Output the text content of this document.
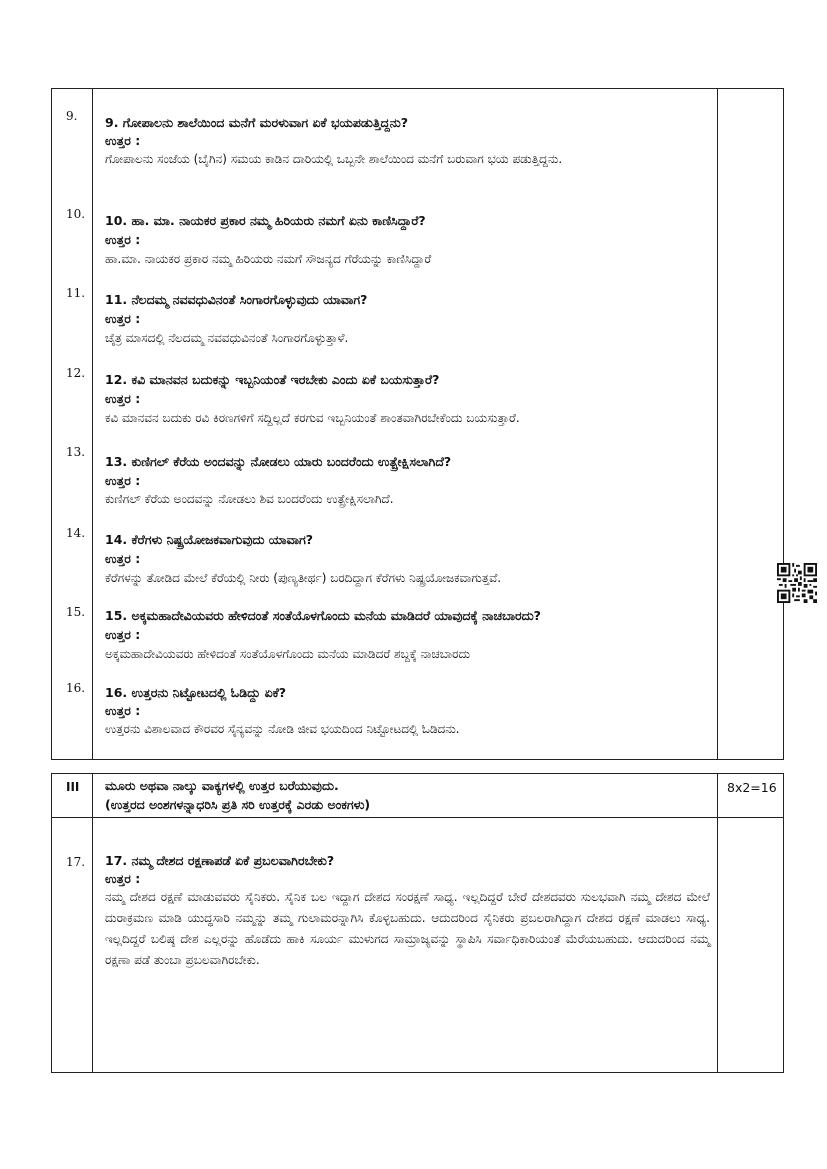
9. 9. ಗೋಪಾಲನು ಶಾಲೆಯಿಂದ ಮನೆಗೆ ಮರಳುವಾಗ ಏಕೆ ಭಯಪಡುತ್ತಿದ್ದನು?
ಉತ್ತರ :
ಗೋಪಾಲನು ಸಂಜೆಯ (ಬೈಗಿನ) ಸಮಯ ಕಾಡಿನ ದಾರಿಯಲ್ಲಿ ಒಬ್ಬನೇ ಶಾಲೆಯಿಂದ ಮನೆಗೆ ಬರುವಾಗ ಭಯ ಪಡುತ್ತಿದ್ದನು.
10. 10. ಹಾ. ಮಾ. ನಾಯಕರ ಪ್ರಕಾರ ನಮ್ಮ ಹಿರಿಯರು ನಮಗೆ ಏನು ಕಾಣಿಸಿದ್ದಾರೆ?
ಉತ್ತರ :
ಹಾ.ಮಾ. ನಾಯಕರ ಪ್ರಕಾರ ನಮ್ಮ ಹಿರಿಯರು ನಮಗೆ ಸೌಜನ್ಯದ ಗೆರೆಯನ್ನು ಕಾಣಿಸಿದ್ದಾರೆ
11. 11. ನೆಲದಮ್ಮ ನವವಧುವಿನಂತೆ ಸಿಂಗಾರಗೊಳ್ಳುವುದು ಯಾವಾಗ?
ಉತ್ತರ :
ಚೈತ್ರ ಮಾಸದಲ್ಲಿ ನೆಲದಮ್ಮ ನವವಧುವಿನಂತೆ ಸಿಂಗಾರಗೊಳ್ಳುತ್ತಾಳೆ.
12. 12. ಕವಿ ಮಾನವನ ಬದುಕನ್ನು ಇಬ್ಬನಿಯಂತೆ ಇರಬೇಕು ಎಂದು ಏಕೆ ಬಯಸುತ್ತಾರೆ?
ಉತ್ತರ :
ಕವಿ ಮಾನವನ ಬದುಕು ರವಿ ಕಿರಣಗಳಿಗೆ ಸದ್ದಿಲ್ಲದೆ ಕರಗುವ ಇಬ್ಬನಿಯಂತೆ ಶಾಂತವಾಗಿರಬೇಕೆಂದು ಬಯಸುತ್ತಾರೆ.
13.
13. ಕುಣಿಗಲ್ ಕೆರೆಯ ಅಂದವನ್ನು ನೋಡಲು ಯಾರು ಬಂದರೆಂದು ಉತ್ಪ್ರೇಕ್ಷಿಸಲಾಗಿದೆ?
ಉತ್ತರ :
ಕುಣಿಗಲ್ ಕೆರೆಯ ಅಂದವನ್ನು ನೋಡಲು ಶಿವ ಬಂದರೆಂದು ಉತ್ಪ್ರೇಕ್ಷಿಸಲಾಗಿದೆ.
14. 14. ಕೆರೆಗಳು ನಿಷ್ಪ್ರಯೋಜಕವಾಗುವುದು ಯಾವಾಗ?
ಉತ್ತರ :
ಕೆರೆಗಳನ್ನು ತೋಡಿದ ಮೇಲೆ ಕೆರೆಯಲ್ಲಿ ನೀರು (ಪುಣ್ಯತೀರ್ಥ) ಬರದಿದ್ದಾಗ ಕೆರೆಗಳು ನಿಷ್ಪ್ರಯೋಜಕವಾಗುತ್ತವೆ.
15. 15. ಅಕ್ಕಮಹಾದೇವಿಯವರು ಹೇಳಿದಂತೆ ಸಂತೆಯೊಳಗೊಂದು ಮನೆಯ ಮಾಡಿದರೆ ಯಾವುದಕ್ಕೆ ನಾಚಬಾರದು?
ಉತ್ತರ :
ಅಕ್ಕಮಹಾದೇವಿಯವರು ಹೇಳಿದಂತೆ ಸಂತೆಯೊಳಗೊಂದು ಮನೆಯ ಮಾಡಿದರೆ ಶಬ್ದಕ್ಕೆ ನಾಚಬಾರದು
16. 16. ಉತ್ತರನು ನಿಟ್ಟೋಟದಲ್ಲಿ ಓಡಿದ್ದು ಏಕೆ?
ಉತ್ತರ :
ಉತ್ತರನು ವಿಶಾಲವಾದ ಕೌರವರ ಸೈನ್ಯವನ್ನು ನೋಡಿ ಜೀವ ಭಯದಿಂದ ನಿಟ್ಟೋಟದಲ್ಲಿ ಓಡಿದನು.
III ಮೂರು ಅಥವಾ ನಾಲ್ಕು ವಾಕ್ಯಗಳಲ್ಲಿ ಉತ್ತರ ಬರೆಯುವುದು.
(ಉತ್ತರದ ಅಂಶಗಳನ್ನಾಧರಿಸಿ ಪ್ರತಿ ಸರಿ ಉತ್ತರಕ್ಕೆ ಎರಡು ಅಂಕಗಳು)
8x2=16
17. 17. ನಮ್ಮ ದೇಶದ ರಕ್ಷಣಾಪಡೆ ಏಕೆ ಪ್ರಬಲವಾಗಿರಬೇಕು?
ಉತ್ತರ :
ನಮ್ಮ ದೇಶದ ರಕ್ಷಣೆ ಮಾಡುವವರು ಸೈನಿಕರು. ಸೈನಿಕ ಬಲ ಇದ್ದಾಗ ದೇಶದ ಸಂರಕ್ಷಣೆ ಸಾಧ್ಯ. ಇಲ್ಲದಿದ್ದರೆ ಬೇರೆ ದೇಶದವರು ಸುಲಭವಾಗಿ ನಮ್ಮ ದೇಶದ ಮೇಲೆ ದುರಾಕ್ರಮಣ ಮಾಡಿ ಯುದ್ಧಸಾರಿ ನಮ್ಮನ್ನು ತಮ್ಮ ಗುಲಾಮರನ್ನಾಗಿಸಿ ಕೊಳ್ಳಬಹುದು. ಆದುದರಿಂದ ಸೈನಿಕರು ಪ್ರಬಲರಾಗಿದ್ದಾಗ ದೇಶದ ರಕ್ಷಣೆ ಮಾಡಲು ಸಾಧ್ಯ. ಇಲ್ಲದಿದ್ದರೆ ಬಲಿಷ್ಠ ದೇಶ ಎಲ್ಲರನ್ನು ಹೊಡೆದು ಹಾಕಿ ಸೂರ್ಯ ಮುಳುಗದ ಸಾಮ್ರಾಜ್ಯವನ್ನು ಸ್ಥಾಪಿಸಿ ಸರ್ವಾಧಿಕಾರಿಯಂತೆ ಮೆರೆಯಬಹುದು. ಆದುದರಿಂದ ನಮ್ಮ ರಕ್ಷಣಾ ಪಡೆ ತುಂಬಾ ಪ್ರಬಲವಾಗಿರಬೇಕು.
